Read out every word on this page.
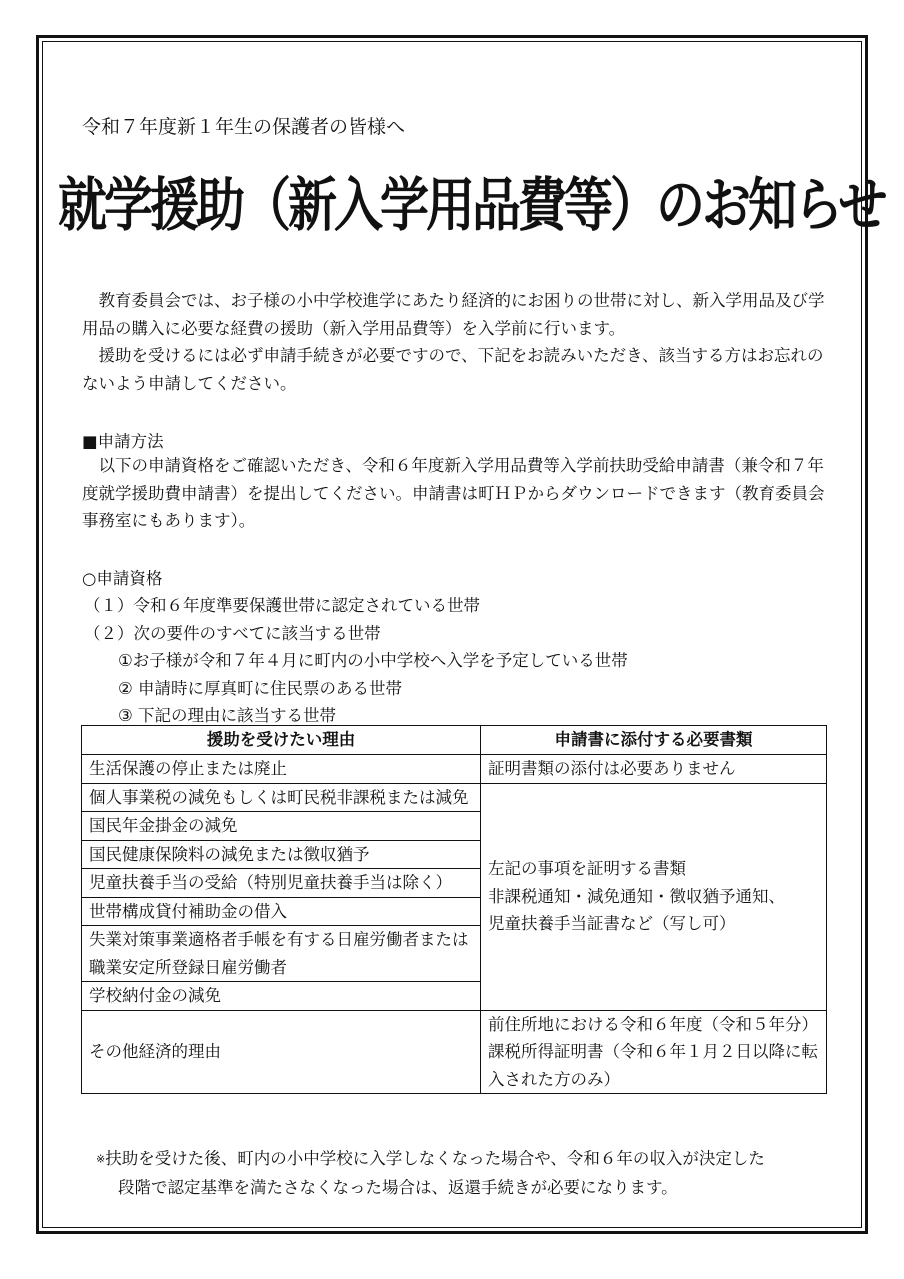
令和７年度新１年生の保護者の皆様へ
就学援助（新入学用品費等）のお知らせ

教育委員会では、お子様の小中学校進学にあたり経済的にお困りの世帯に対し、新入学用品及び学用品の購入に必要な経費の援助（新入学用品費等）を入学前に行います。

援助を受けるには必ず申請手続きが必要ですので、下記をお読みいただき、該当する方はお忘れのないよう申請してください。

■申請方法

以下の申請資格をご確認いただき、令和６年度新入学用品費等入学前扶助受給申請書（兼令和７年度就学援助費申請書）を提出してください。申請書は町ＨＰからダウンロードできます（教育委員会事務室にもあります）。

○申請資格
（１）令和６年度準要保護世帯に認定されている世帯
（２）次の要件のすべてに該当する世帯
①お子様が令和７年４月に町内の小中学校へ入学を予定している世帯
② 申請時に厚真町に住民票のある世帯
③ 下記の理由に該当する世帯
援助を受けたい理由	申請書に添付する必要書類
生活保護の停止または廃止	証明書類の添付は必要ありません
個人事業税の減免もしくは町民税非課税または減免	左記の事項を証明する書類
非課税通知・減免通知・徴収猶予通知、
児童扶養手当証書など（写し可）

国民年金掛金の減免	
国民健康保険料の減免または徴収猶予	
児童扶養手当の受給（特別児童扶養手当は除く）	
世帯構成貸付補助金の借入	
失業対策事業適格者手帳を有する日雇労働者または職業安定所登録日雇労働者	
学校納付金の減免	
その他経済的理由	前住所地における令和６年度（令和５年分）課税所得証明書（令和６年１月２日以降に転入された方のみ）
※扶助を受けた後、町内の小中学校に入学しなくなった場合や、令和６年の収入が決定した
段階で認定基準を満たさなくなった場合は、返還手続きが必要になります。
